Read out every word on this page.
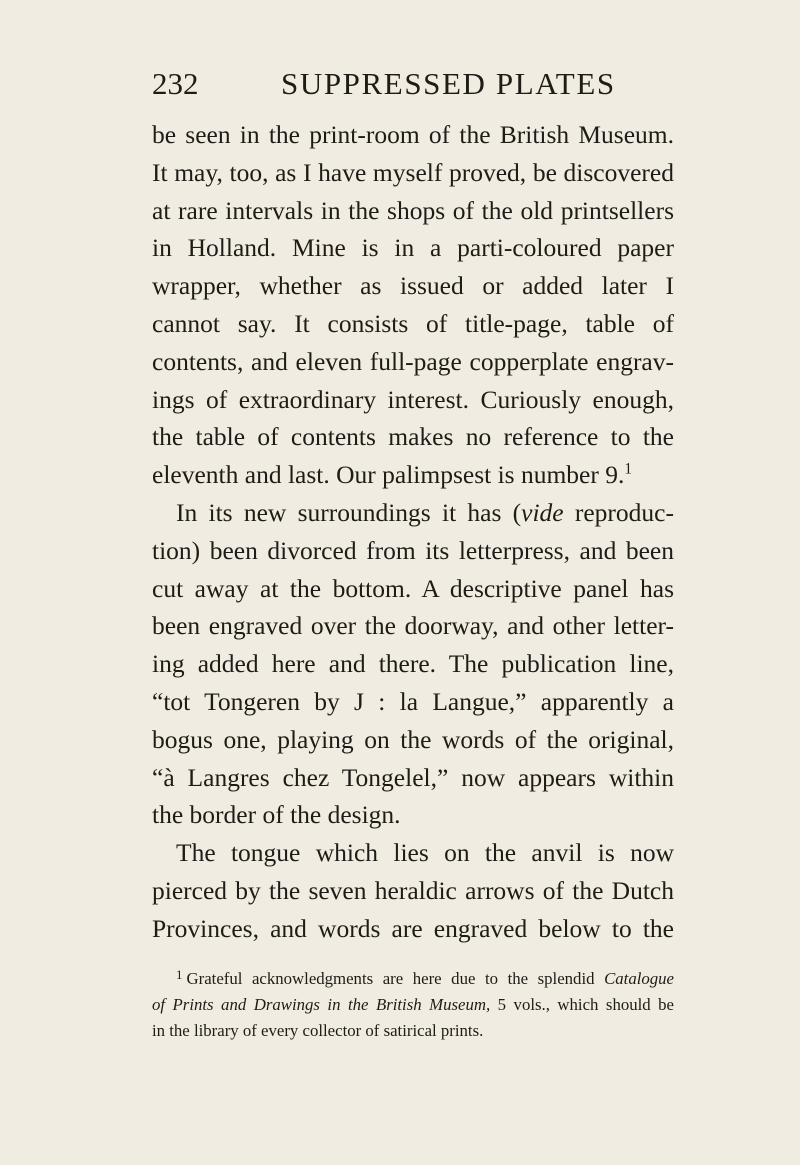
232	SUPPRESSED PLATES
be seen in the print-room of the British Museum.
It may, too, as I have myself proved, be discovered
at rare intervals in the shops of the old printsellers
in Holland. Mine is in a parti-coloured paper
wrapper, whether as issued or added later I
cannot say. It consists of title-page, table of
contents, and eleven full-page copperplate engrav-
ings of extraordinary interest. Curiously enough,
the table of contents makes no reference to the
eleventh and last. Our palimpsest is number 9.$^1$
In its new surroundings it has (vide reproduc-
tion) been divorced from its letterpress, and been
cut away at the bottom. A descriptive panel has
been engraved over the doorway, and other letter-
ing added here and there. The publication line,
“tot Tongeren by J : la Langue,” apparently a
bogus one, playing on the words of the original,
“à Langres chez Tongelel,” now appears within
the border of the design.
The tongue which lies on the anvil is now
pierced by the seven heraldic arrows of the Dutch
Provinces, and words are engraved below to the
$^1$ Grateful acknowledgments are here due to the splendid Catalogue
of Prints and Drawings in the British Museum, 5 vols., which should be
in the library of every collector of satirical prints.
